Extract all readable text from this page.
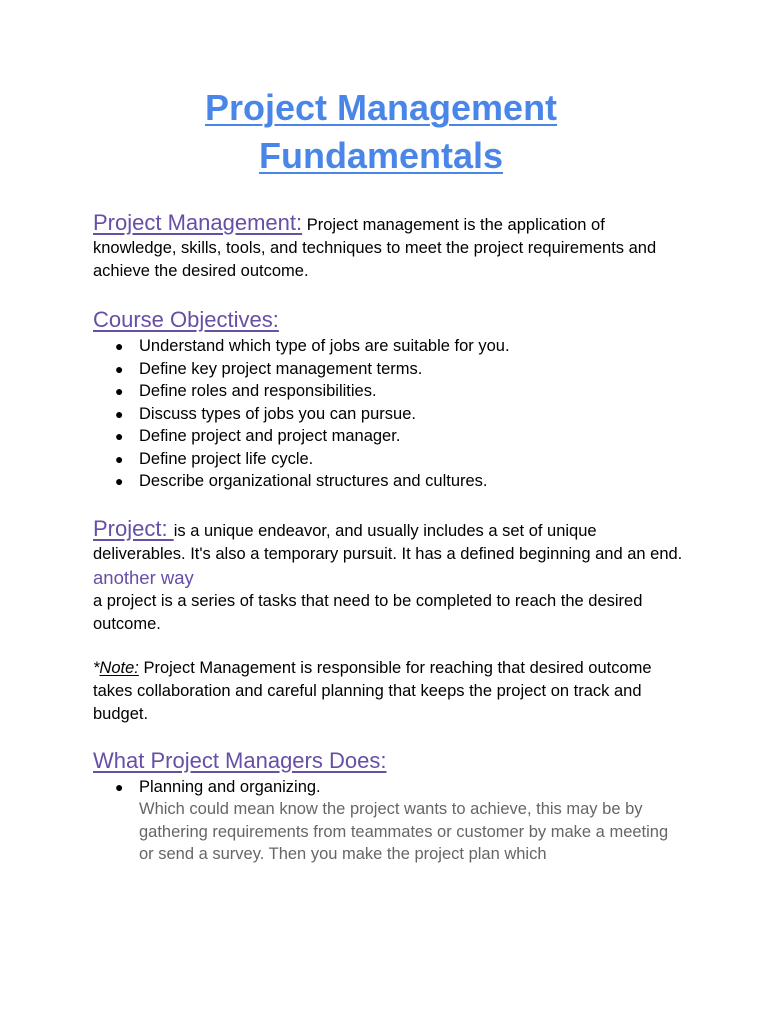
Project Management
Fundamentals

Project Management: Project management is the application of knowledge, skills, tools, and techniques to meet the project requirements and achieve the desired outcome.

Course Objectives:

● Understand which type of jobs are suitable for you.
● Define key project management terms.
● Define roles and responsibilities.
● Discuss types of jobs you can pursue.
● Define project and project manager.
● Define project life cycle.
● Describe organizational structures and cultures.

Project: is a unique endeavor, and usually includes a set of unique deliverables. It's also a temporary pursuit. It has a defined beginning and an end.

another way

a project is a series of tasks that need to be completed to reach the desired outcome.

*Note: Project Management is responsible for reaching that desired outcome takes collaboration and careful planning that keeps the project on track and budget.

What Project Managers Does:

● Planning and organizing.
Which could mean know the project wants to achieve, this may be by gathering requirements from teammates or customer by make a meeting or send a survey. Then you make the project plan which
